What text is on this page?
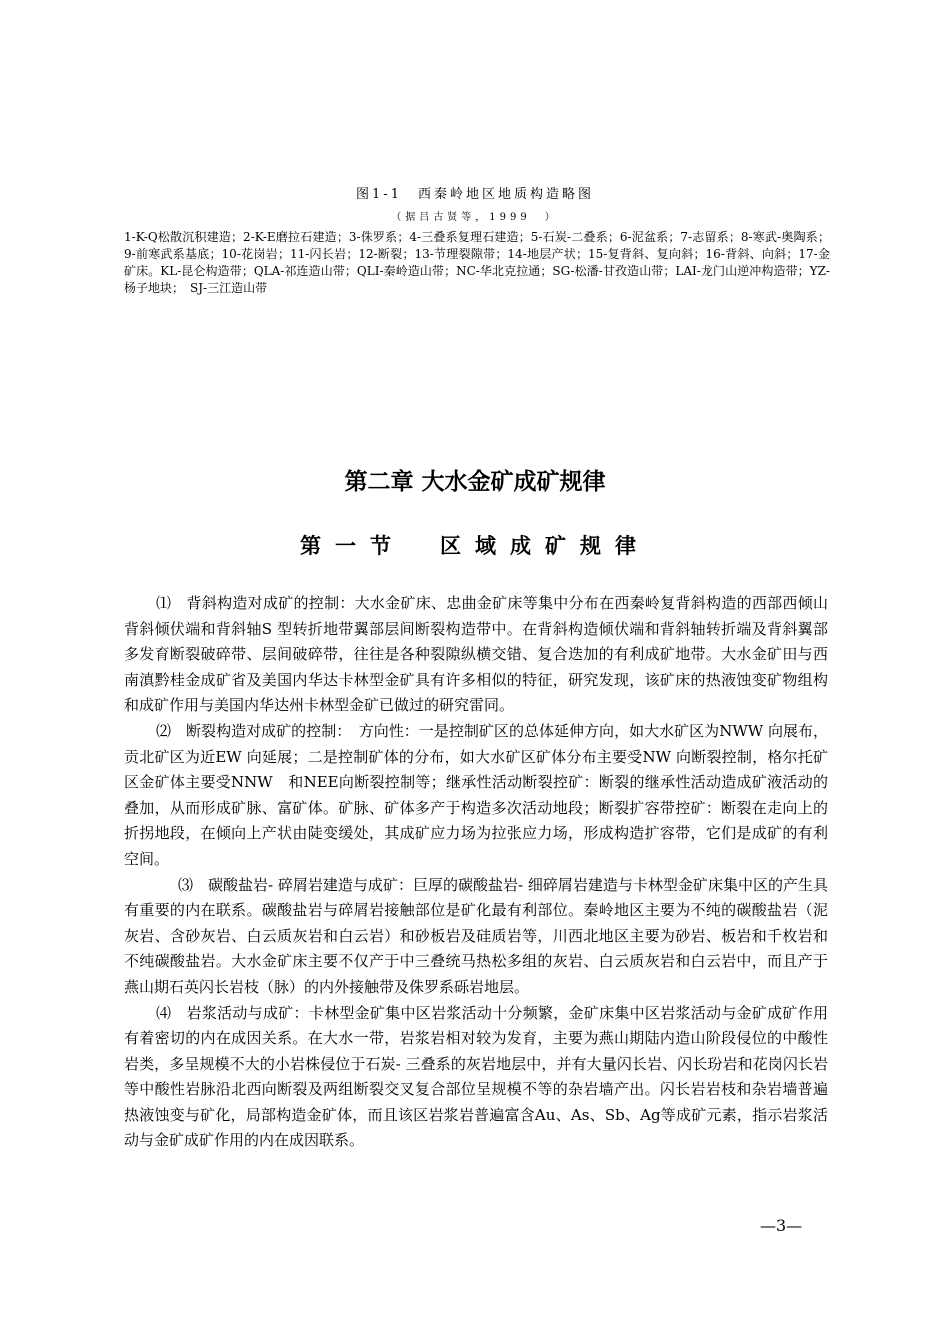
图1-1　西秦岭地区地质构造略图
（据吕古贤等，1999　）
1-K-Q松散沉积建造；2-K-E磨拉石建造；3-侏罗系；4-三叠系复理石建造；5-石炭-二叠系；6-泥盆系；7-志留系；8-寒武-奥陶系；9-前寒武系基底；10-花岗岩；11-闪长岩；12-断裂；13-节理裂隙带；14-地层产状；15-复背斜、复向斜；16-背斜、向斜；17-金矿床。KL-昆仑构造带；QLA-祁连造山带；QLI-秦岭造山带；NC-华北克拉通；SG-松潘-甘孜造山带；LAI-龙门山逆冲构造带；YZ-杨子地块；　SJ-三江造山带
第二章 大水金矿成矿规律
第一节　区域成矿规律

⑴　背斜构造对成矿的控制：大水金矿床、忠曲金矿床等集中分布在西秦岭复背斜构造的西部西倾山背斜倾伏端和背斜轴S 型转折地带翼部层间断裂构造带中。在背斜构造倾伏端和背斜轴转折端及背斜翼部多发育断裂破碎带、层间破碎带，往往是各种裂隙纵横交错、复合迭加的有利成矿地带。大水金矿田与西南滇黔桂金成矿省及美国内华达卡林型金矿具有许多相似的特征，研究发现，该矿床的热液蚀变矿物组构和成矿作用与美国内华达州卡林型金矿已做过的研究雷同。

⑵　断裂构造对成矿的控制：　方向性：一是控制矿区的总体延伸方向，如大水矿区为NWW 向展布，贡北矿区为近EW 向延展；二是控制矿体的分布，如大水矿区矿体分布主要受NW 向断裂控制，格尔托矿区金矿体主要受NNW　和NEE向断裂控制等；继承性活动断裂控矿：断裂的继承性活动造成矿液活动的叠加，从而形成矿脉、富矿体。矿脉、矿体多产于构造多次活动地段；断裂扩容带控矿：断裂在走向上的折拐地段，在倾向上产状由陡变缓处，其成矿应力场为拉张应力场，形成构造扩容带，它们是成矿的有利空间。

⑶　碳酸盐岩- 碎屑岩建造与成矿：巨厚的碳酸盐岩- 细碎屑岩建造与卡林型金矿床集中区的产生具有重要的内在联系。碳酸盐岩与碎屑岩接触部位是矿化最有利部位。秦岭地区主要为不纯的碳酸盐岩（泥灰岩、含砂灰岩、白云质灰岩和白云岩）和砂板岩及硅质岩等，川西北地区主要为砂岩、板岩和千枚岩和不纯碳酸盐岩。大水金矿床主要不仅产于中三叠统马热松多组的灰岩、白云质灰岩和白云岩中，而且产于燕山期石英闪长岩枝（脉）的内外接触带及侏罗系砾岩地层。

⑷　岩浆活动与成矿：卡林型金矿集中区岩浆活动十分频繁，金矿床集中区岩浆活动与金矿成矿作用有着密切的内在成因关系。在大水一带，岩浆岩相对较为发育，主要为燕山期陆内造山阶段侵位的中酸性岩类，多呈规模不大的小岩株侵位于石炭- 三叠系的灰岩地层中，并有大量闪长岩、闪长玢岩和花岗闪长岩等中酸性岩脉沿北西向断裂及两组断裂交叉复合部位呈规模不等的杂岩墙产出。闪长岩岩枝和杂岩墙普遍热液蚀变与矿化，局部构造金矿体，而且该区岩浆岩普遍富含Au、As、Sb、Ag等成矿元素，指示岩浆活动与金矿成矿作用的内在成因联系。

—3—
